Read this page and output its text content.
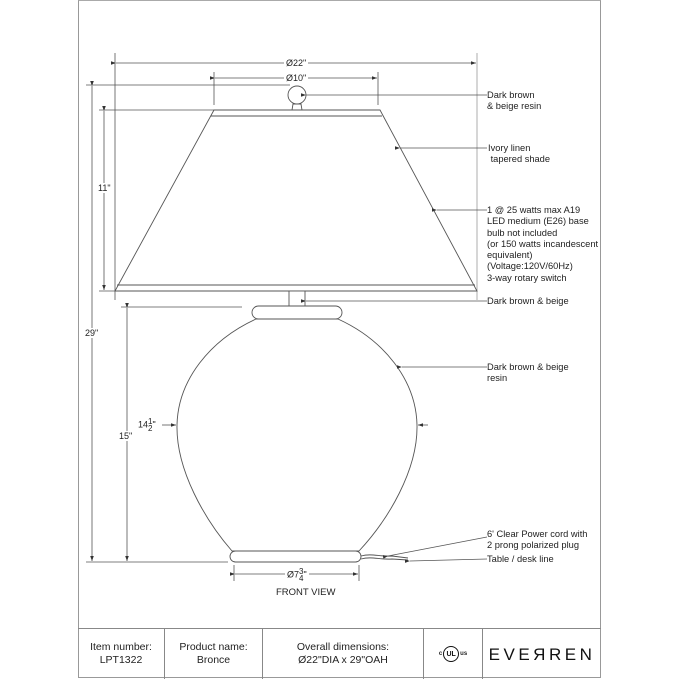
Ø22"
Ø10"
29"
11"
15"
14 1
2 "
Ø7 3
4 "
FRONT VIEW
Dark brown
& beige resin
Ivory linen
tapered shade
1 @ 25 watts max A19
LED medium (E26) base
bulb not included
(or 150 watts incandescent
equivalent)
(Voltage:120V/60Hz)
3-way rotary switch
Dark brown & beige
Dark brown & beige
resin
6' Clear Power cord with
2 prong polarized plug
Table / desk line
Item number:
LPT1322
Product name:
Bronce
Overall dimensions:
Ø22"DIA x 29"OAH
c UL us EVEЯREN
